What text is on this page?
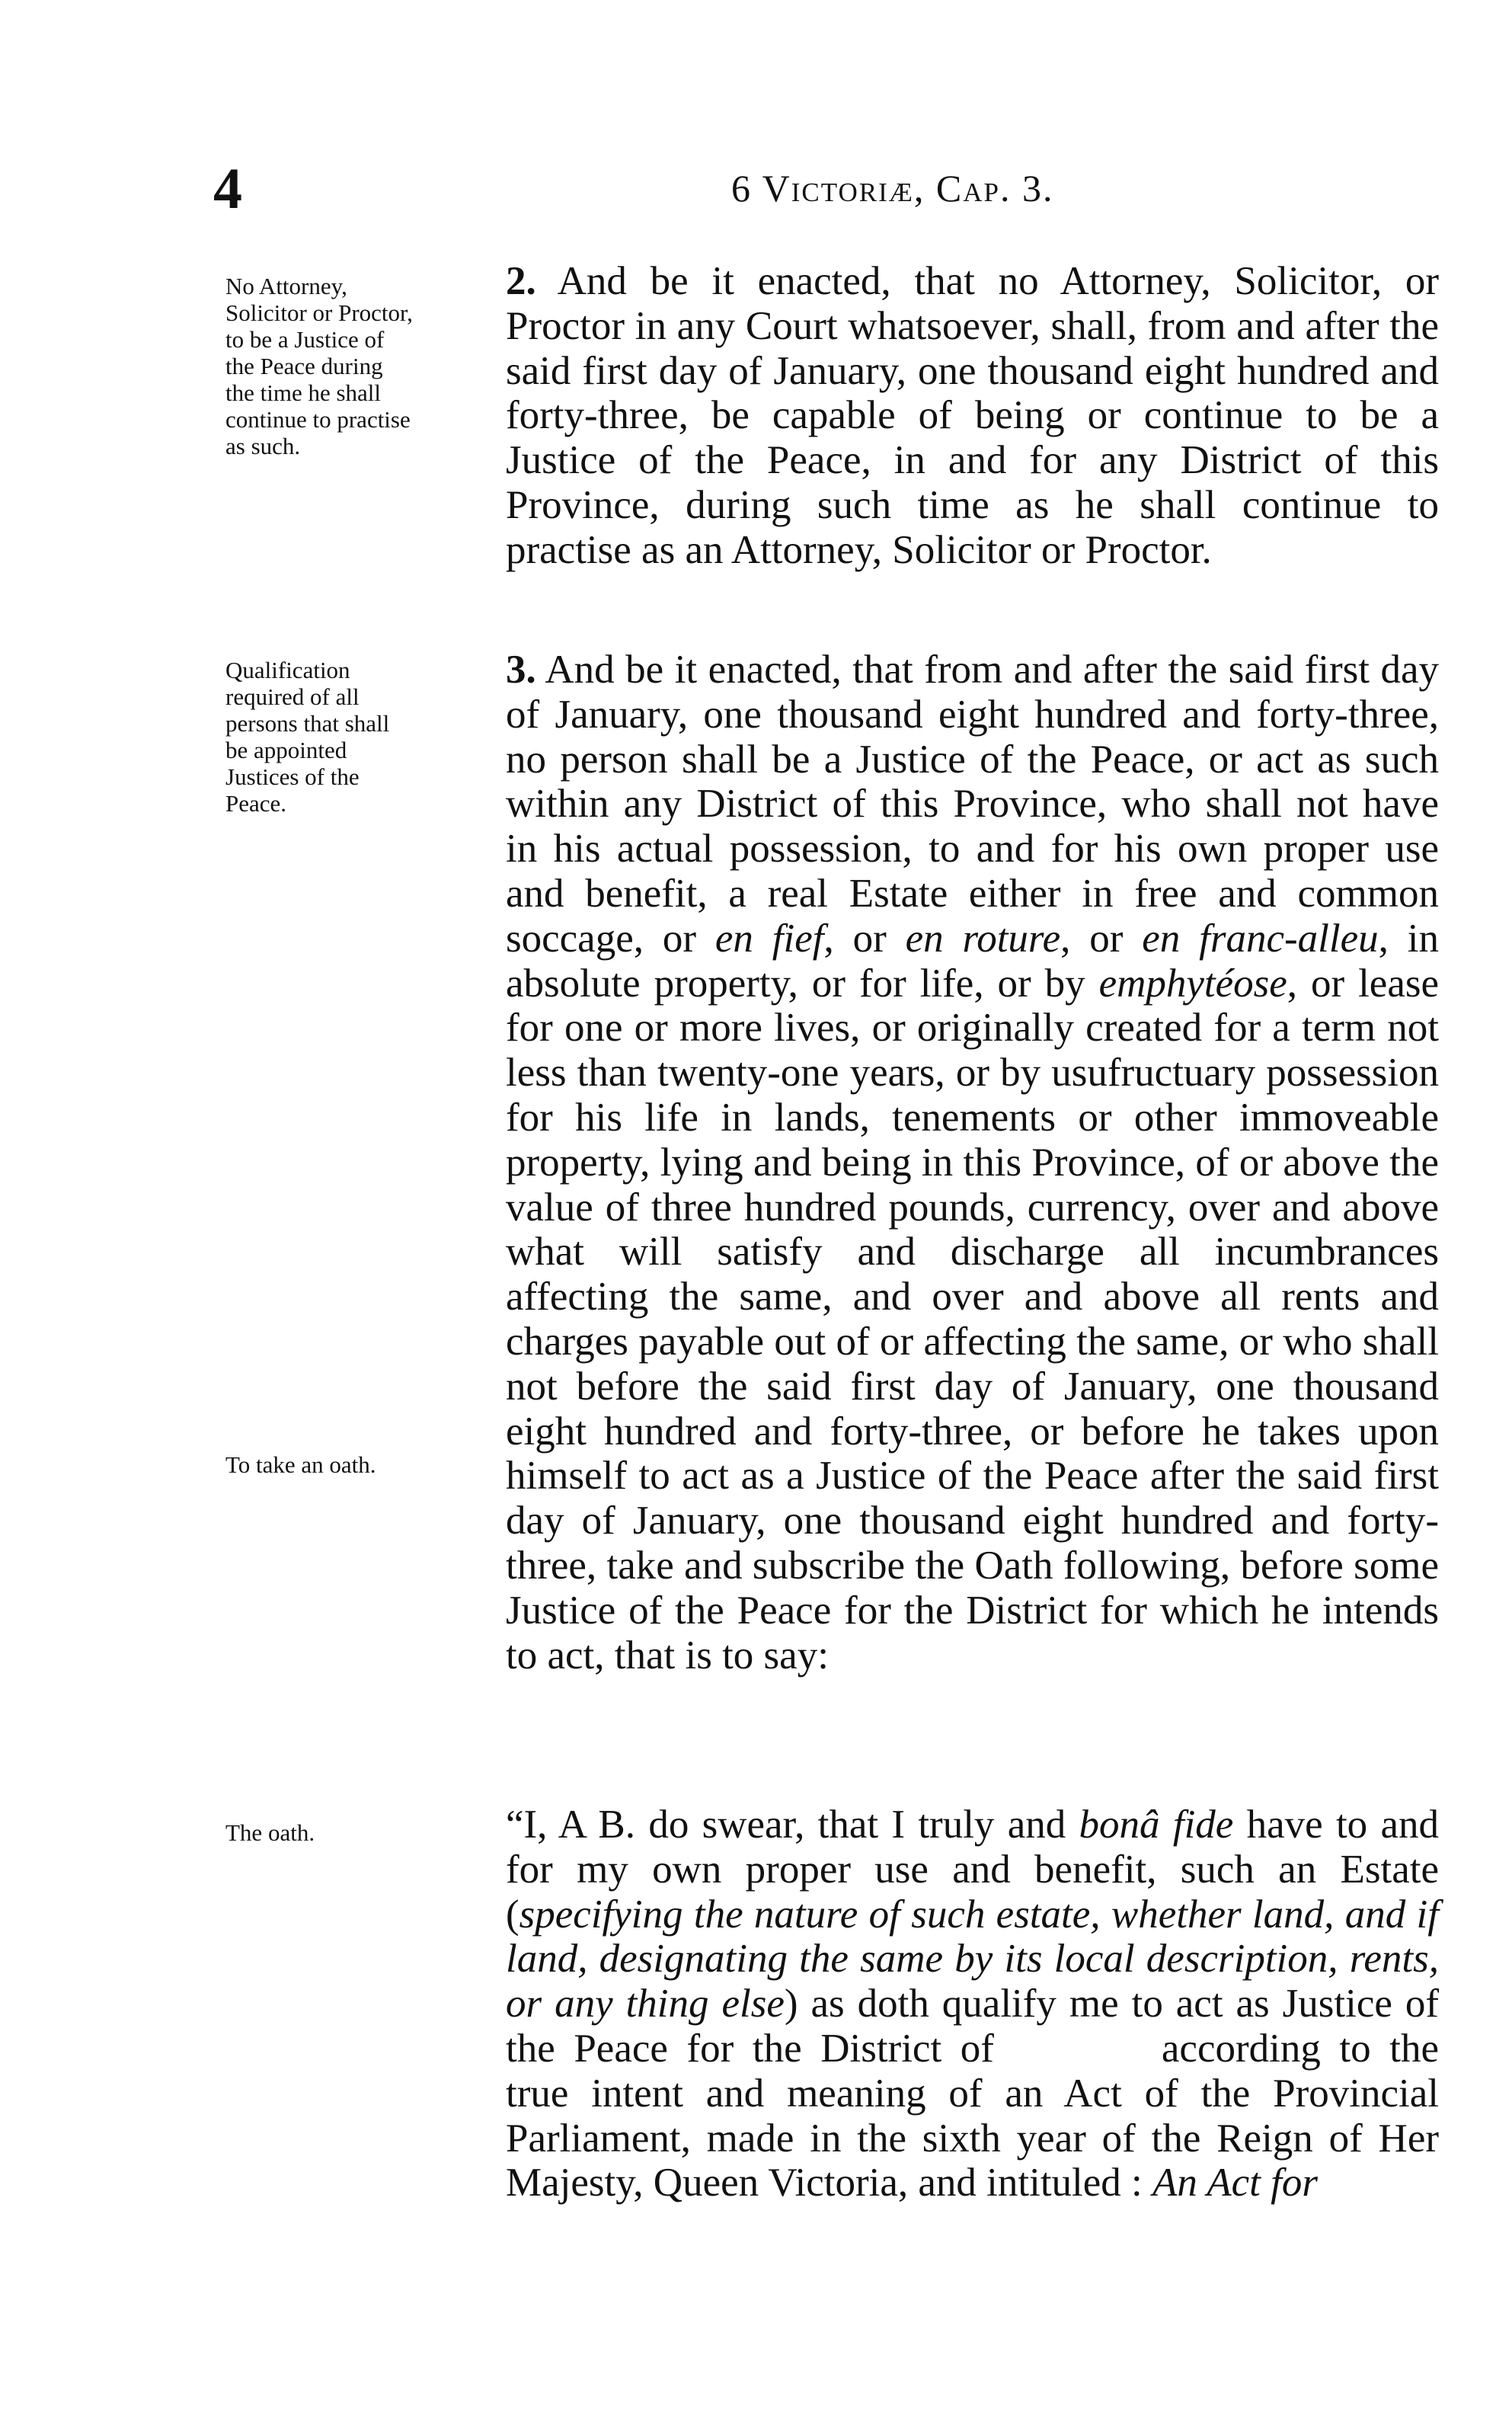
4	6 Victoriæ, Cap. 3.
No Attorney, Solicitor or Proctor, to be a Justice of the Peace during the time he shall continue to practise as such.
Qualification required of all persons that shall be appointed Justices of the Peace.
To take an oath.
The oath.

2. And be it enacted, that no Attorney, Solicitor, or Proctor in any Court whatsoever, shall, from and after the said first day of January, one thousand eight hundred and forty-three, be capable of being or continue to be a Justice of the Peace, in and for any District of this Province, during such time as he shall continue to practise as an Attorney, Solicitor or Proctor.

3. And be it enacted, that from and after the said first day of January, one thousand eight hundred and forty-three, no person shall be a Justice of the Peace, or act as such within any District of this Province, who shall not have in his actual possession, to and for his own proper use and benefit, a real Estate either in free and common soccage, or en fief, or en roture, or en franc-alleu, in absolute property, or for life, or by emphytéose, or lease for one or more lives, or originally created for a term not less than twenty-one years, or by usufructuary possession for his life in lands, tenements or other immoveable property, lying and being in this Province, of or above the value of three hundred pounds, currency, over and above what will satisfy and discharge all incumbrances affecting the same, and over and above all rents and charges payable out of or affecting the same, or who shall not before the said first day of January, one thousand eight hundred and forty-three, or before he takes upon himself to act as a Justice of the Peace after the said first day of January, one thousand eight hundred and forty-three, take and subscribe the Oath following, before some Justice of the Peace for the District for which he intends to act, that is to say:

“I, A B. do swear, that I truly and bonâ fide have to and for my own proper use and benefit, such an Estate (specifying the nature of such estate, whether land, and if land, designating the same by its local description, rents, or any thing else) as doth qualify me to act as Justice of the Peace for the District of	according to the true intent and meaning of an Act of the Provincial Parliament, made in the sixth year of the Reign of Her Majesty, Queen Victoria, and intituled : An Act for
